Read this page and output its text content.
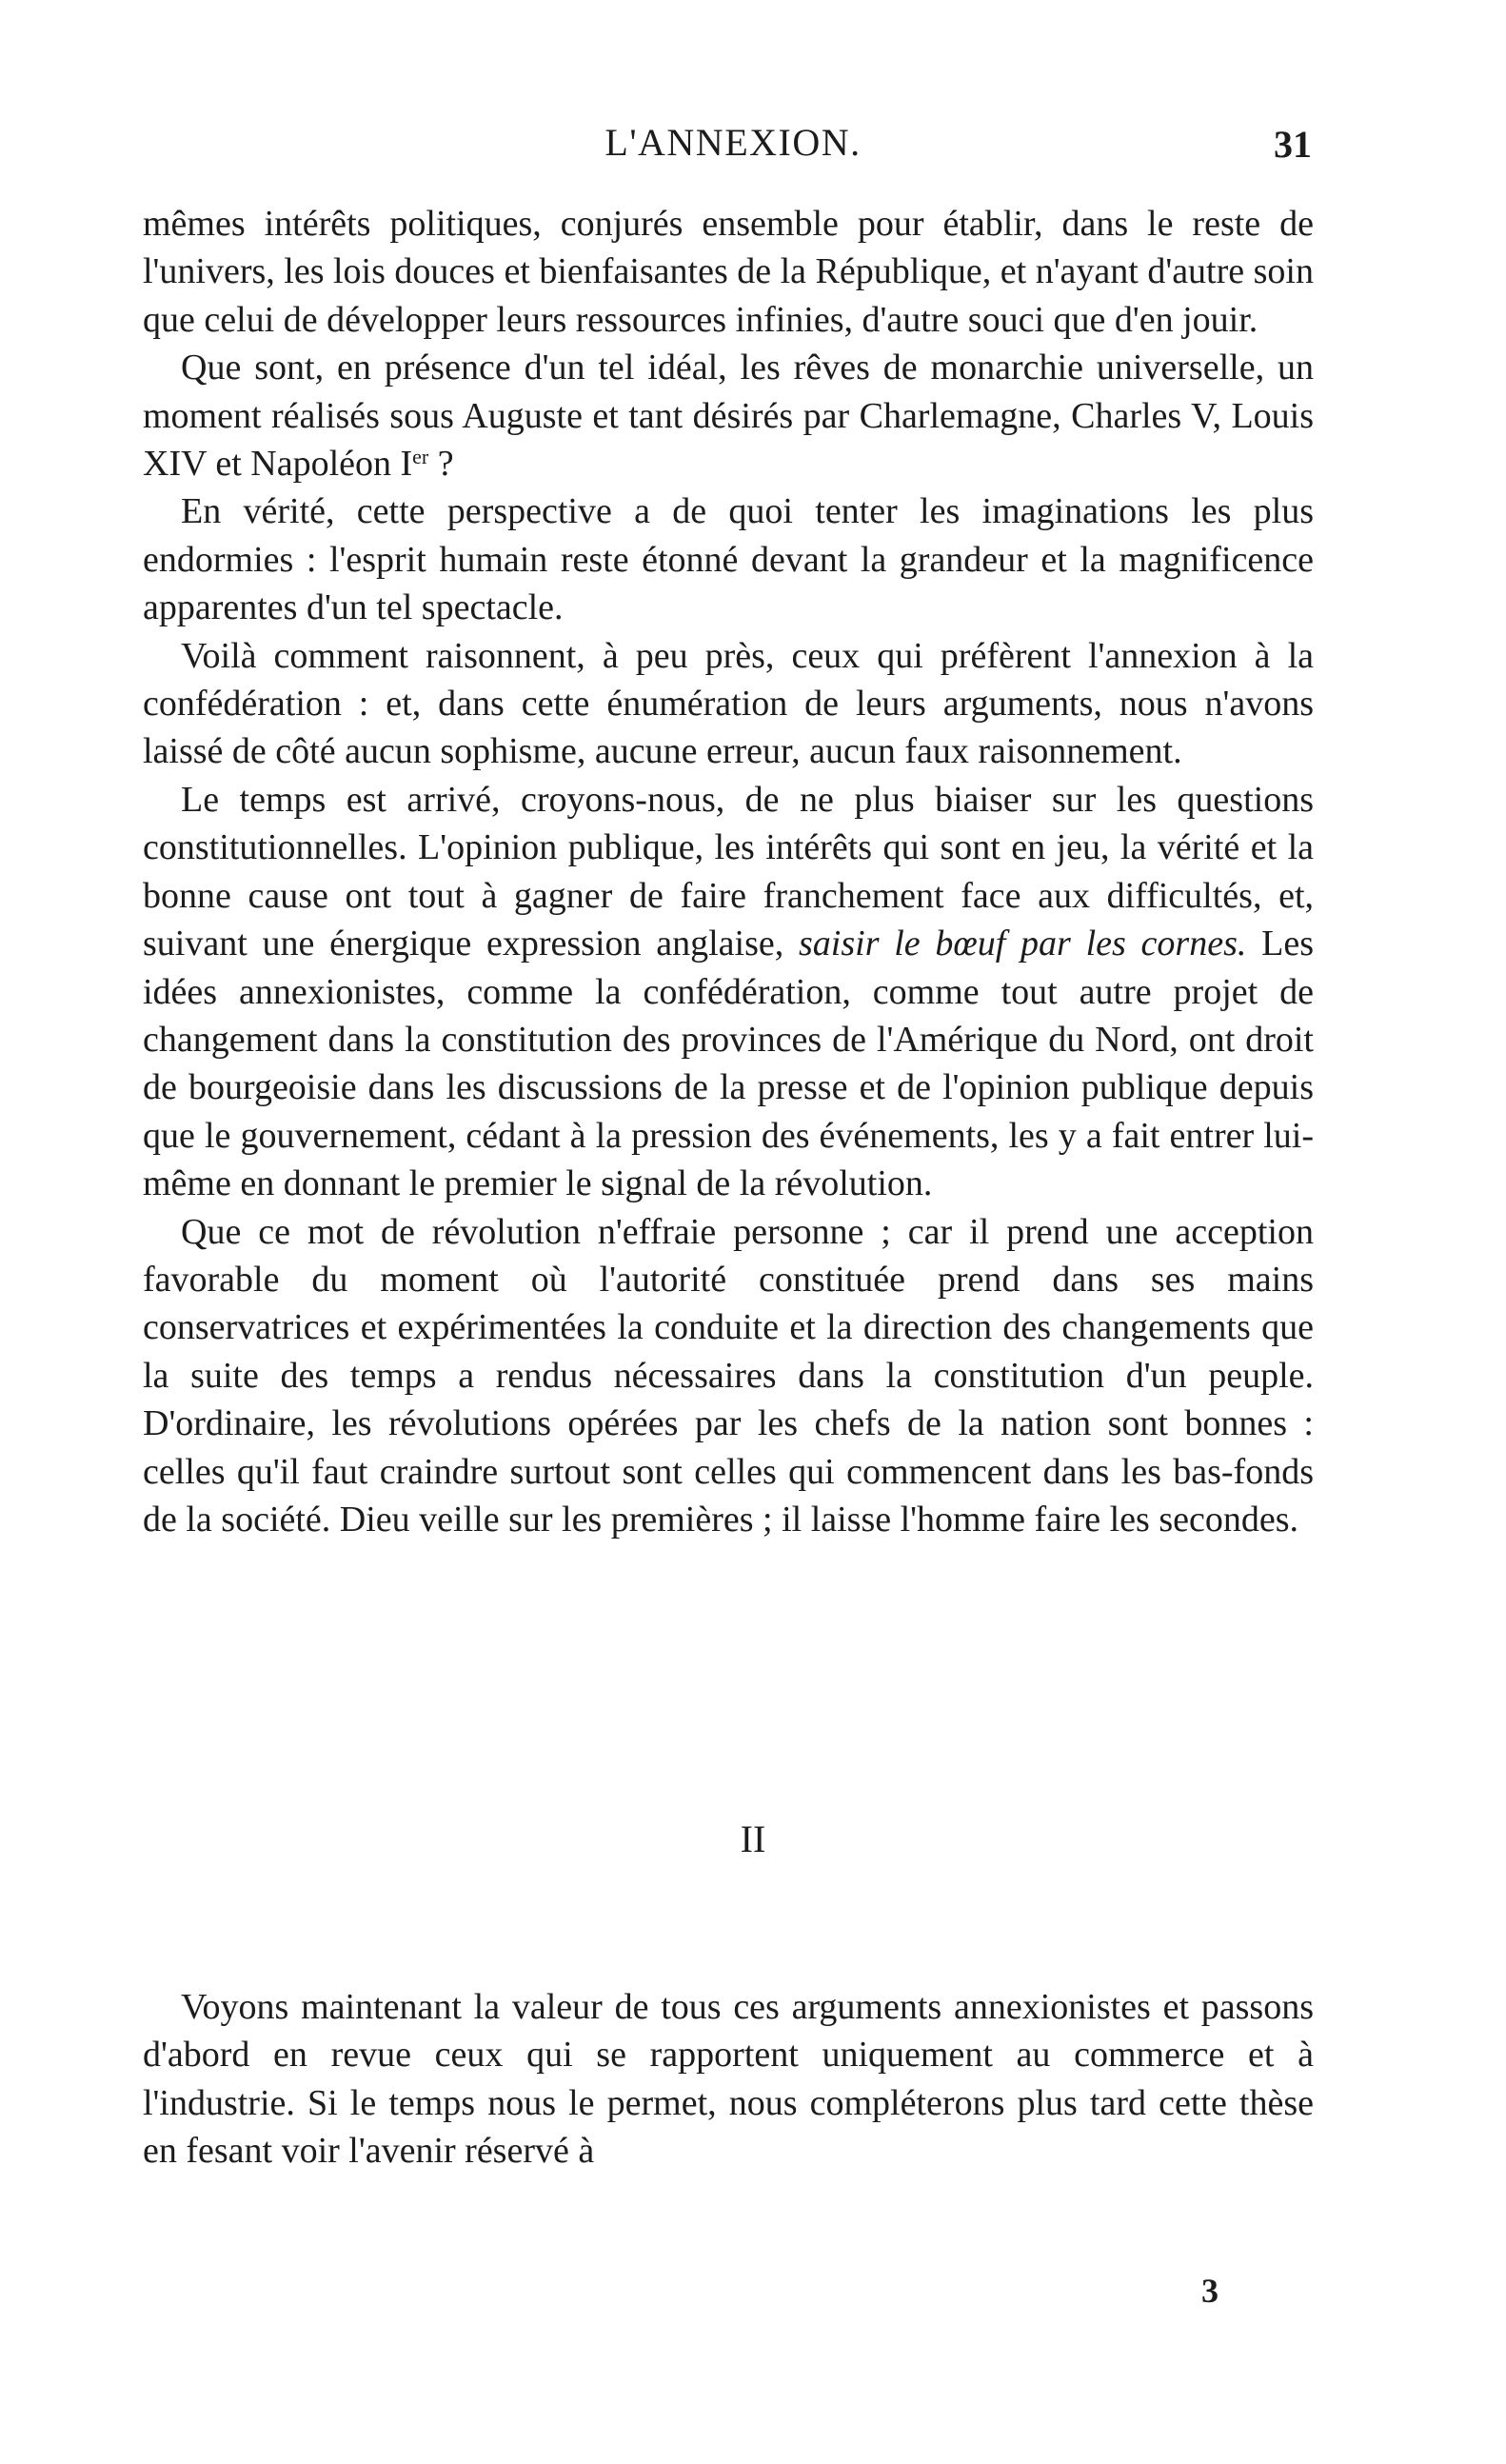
L'ANNEXION.	31

mêmes intérêts politiques, conjurés ensemble pour établir, dans le reste de l'univers, les lois douces et bienfaisantes de la République, et n'ayant d'autre soin que celui de développer leurs ressources infinies, d'autre souci que d'en jouir.

Que sont, en présence d'un tel idéal, les rêves de monarchie universelle, un moment réalisés sous Auguste et tant désirés par Charlemagne, Charles V, Louis XIV et Napoléon Ier ?

En vérité, cette perspective a de quoi tenter les imaginations les plus endormies : l'esprit humain reste étonné devant la grandeur et la magnificence apparentes d'un tel spectacle.

Voilà comment raisonnent, à peu près, ceux qui préfèrent l'annexion à la confédération : et, dans cette énumération de leurs arguments, nous n'avons laissé de côté aucun sophisme, aucune erreur, aucun faux raisonnement.

Le temps est arrivé, croyons-nous, de ne plus biaiser sur les questions constitutionnelles. L'opinion publique, les intérêts qui sont en jeu, la vérité et la bonne cause ont tout à gagner de faire franchement face aux difficultés, et, suivant une énergique expression anglaise, saisir le bœuf par les cornes. Les idées annexionistes, comme la confédération, comme tout autre projet de changement dans la constitution des provinces de l'Amérique du Nord, ont droit de bourgeoisie dans les discussions de la presse et de l'opinion publique depuis que le gouvernement, cédant à la pression des événements, les y a fait entrer lui-même en donnant le premier le signal de la révolution.

Que ce mot de révolution n'effraie personne ; car il prend une acception favorable du moment où l'autorité constituée prend dans ses mains conservatrices et expérimentées la conduite et la direction des changements que la suite des temps a rendus nécessaires dans la constitution d'un peuple. D'ordinaire, les révolutions opérées par les chefs de la nation sont bonnes : celles qu'il faut craindre surtout sont celles qui commencent dans les bas-fonds de la société. Dieu veille sur les premières ; il laisse l'homme faire les secondes.

II

Voyons maintenant la valeur de tous ces arguments annexionistes et passons d'abord en revue ceux qui se rapportent uniquement au commerce et à l'industrie. Si le temps nous le permet, nous compléterons plus tard cette thèse en fesant voir l'avenir réservé à

3
